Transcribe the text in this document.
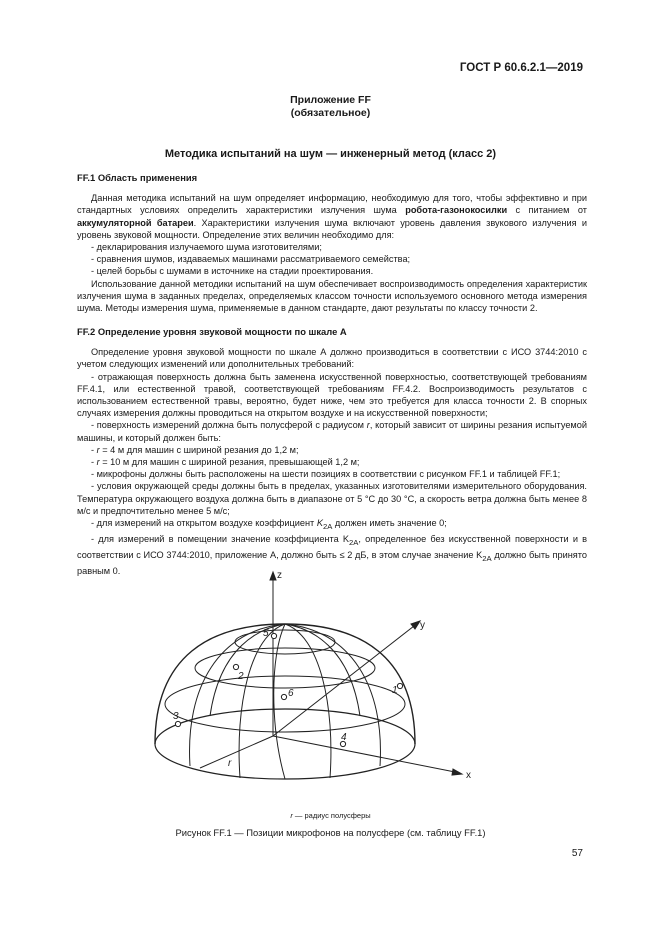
ГОСТ Р 60.6.2.1—2019
Приложение FF
(обязательное)
Методика испытаний на шум — инженерный метод (класс 2)
FF.1 Область применения

Данная методика испытаний на шум определяет информацию, необходимую для того, чтобы эффективно и при стандартных условиях определить характеристики излучения шума робота-газонокосилки с питанием от аккумуляторной батареи. Характеристики излучения шума включают уровень давления звукового излучения и уровень звуковой мощности. Определение этих величин необходимо для:

- декларирования излучаемого шума изготовителями;

- сравнения шумов, издаваемых машинами рассматриваемого семейства;

- целей борьбы с шумами в источнике на стадии проектирования.

Использование данной методики испытаний на шум обеспечивает воспроизводимость определения характеристик излучения шума в заданных пределах, определяемых классом точности используемого основного метода измерения шума. Методы измерения шума, применяемые в данном стандарте, дают результаты по классу точности 2.

FF.2 Определение уровня звуковой мощности по шкале А

Определение уровня звуковой мощности по шкале А должно производиться в соответствии с ИСО 3744:2010 с учетом следующих изменений или дополнительных требований:

- отражающая поверхность должна быть заменена искусственной поверхностью, соответствующей требованиям FF.4.1, или естественной травой, соответствующей требованиям FF.4.2. Воспроизводимость результатов с использованием естественной травы, вероятно, будет ниже, чем это требуется для класса точности 2. В спорных случаях измерения должны проводиться на открытом воздухе и на искусственной поверхности;

- поверхность измерений должна быть полусферой с радиусом r, который зависит от ширины резания испытуемой машины, и который должен быть:

- r = 4 м для машин с шириной резания до 1,2 м;

- r = 10 м для машин с шириной резания, превышающей 1,2 м;

- микрофоны должны быть расположены на шести позициях в соответствии с рисунком FF.1 и таблицей FF.1;

- условия окружающей среды должны быть в пределах, указанных изготовителями измерительного оборудования. Температура окружающего воздуха должна быть в диапазоне от 5 °С до 30 °С, а скорость ветра должна быть менее 8 м/с и предпочтительно менее 5 м/с;

- для измерений на открытом воздухе коэффициент $K_{2A}$ должен иметь значение 0;

- для измерений в помещении значение коэффициента $K_{2A}$, определенное без искусственной поверхности и в соответствии с ИСО 3744:2010, приложение А, должно быть ≤ 2 дБ, в этом случае значение $K_{2A}$ должно быть принято равным 0.	z
y
x
r
1
2
3
4
5
6
r — радиус полусферы
Рисунок FF.1 — Позиции микрофонов на полусфере (см. таблицу FF.1)
57
